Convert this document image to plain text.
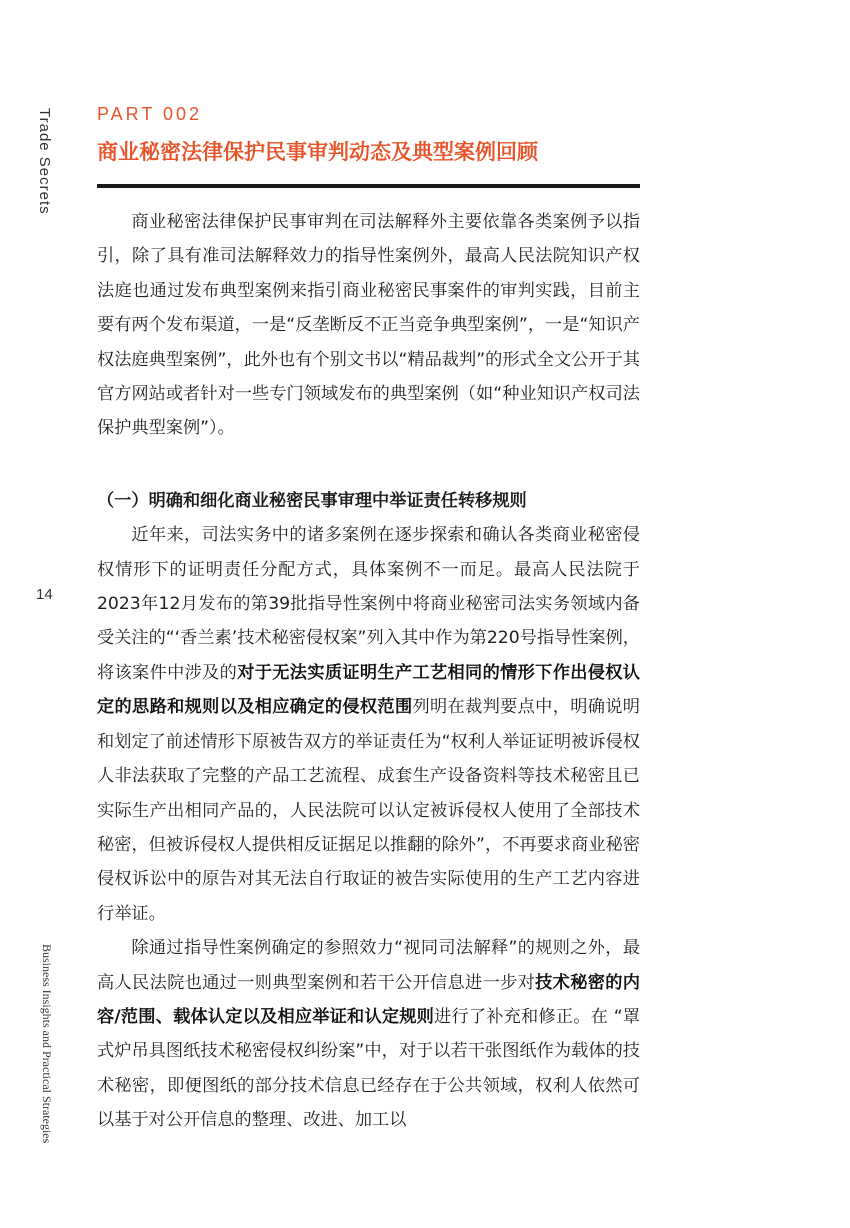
Trade Secrets
14
Business Insights and Practical Strategies
PART 002
商业秘密法律保护民事审判动态及典型案例回顾

商业秘密法律保护民事审判在司法解释外主要依靠各类案例予以指引，除了具有准司法解释效力的指导性案例外，最高人民法院知识产权法庭也通过发布典型案例来指引商业秘密民事案件的审判实践，目前主要有两个发布渠道，一是“反垄断反不正当竞争典型案例”，一是“知识产权法庭典型案例”，此外也有个别文书以“精品裁判”的形式全文公开于其官方网站或者针对一些专门领域发布的典型案例（如“种业知识产权司法保护典型案例”）。

（一）明确和细化商业秘密民事审理中举证责任转移规则

近年来，司法实务中的诸多案例在逐步探索和确认各类商业秘密侵权情形下的证明责任分配方式，具体案例不一而足。最高人民法院于2023年12月发布的第39批指导性案例中将商业秘密司法实务领域内备受关注的“‘香兰素’技术秘密侵权案”列入其中作为第220号指导性案例，将该案件中涉及的对于无法实质证明生产工艺相同的情形下作出侵权认定的思路和规则以及相应确定的侵权范围列明在裁判要点中，明确说明和划定了前述情形下原被告双方的举证责任为“权利人举证证明被诉侵权人非法获取了完整的产品工艺流程、成套生产设备资料等技术秘密且已实际生产出相同产品的，人民法院可以认定被诉侵权人使用了全部技术秘密，但被诉侵权人提供相反证据足以推翻的除外”，不再要求商业秘密侵权诉讼中的原告对其无法自行取证的被告实际使用的生产工艺内容进行举证。

除通过指导性案例确定的参照效力“视同司法解释”的规则之外，最高人民法院也通过一则典型案例和若干公开信息进一步对技术秘密的内容/范围、载体认定以及相应举证和认定规则进行了补充和修正。在 “罩式炉吊具图纸技术秘密侵权纠纷案”中，对于以若干张图纸作为载体的技术秘密，即便图纸的部分技术信息已经存在于公共领域，权利人依然可以基于对公开信息的整理、改进、加工以
